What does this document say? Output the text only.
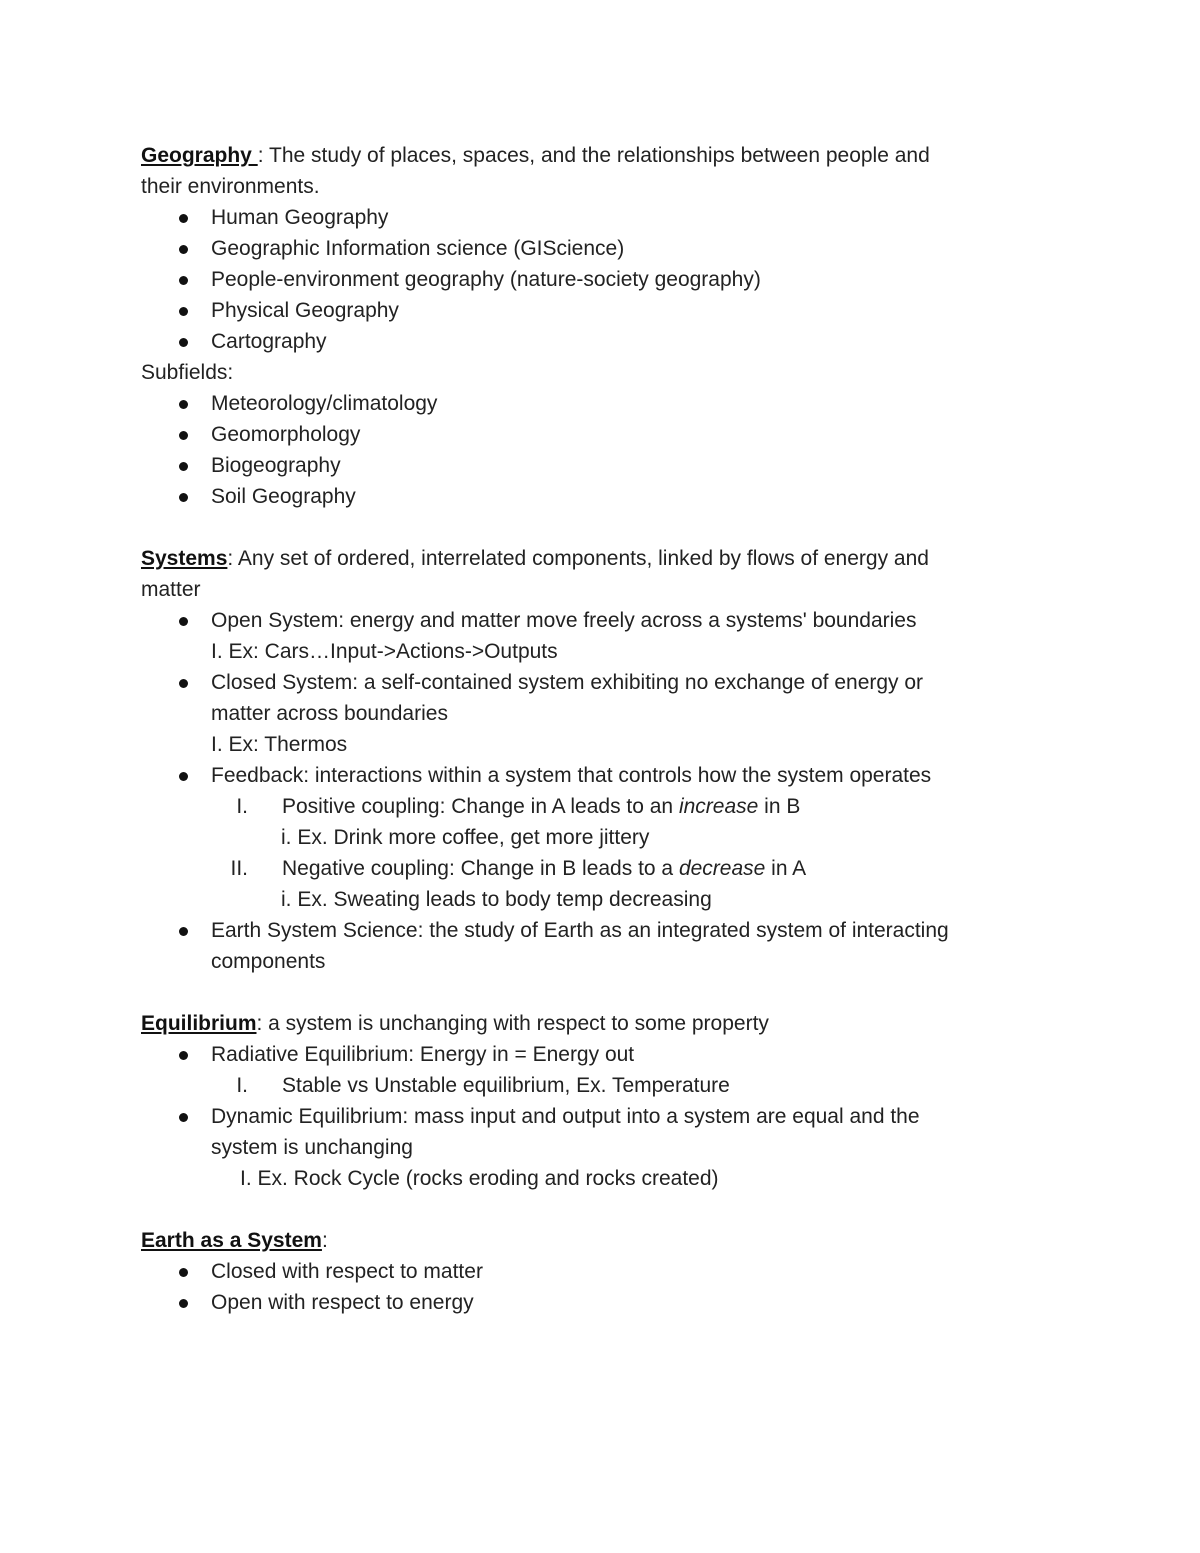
Geography : The study of places, spaces, and the relationships between people and
their environments.
Human Geography
Geographic Information science (GIScience)
People-environment geography (nature-society geography)
Physical Geography
Cartography
Subfields:
Meteorology/climatology
Geomorphology
Biogeography
Soil Geography
Systems: Any set of ordered, interrelated components, linked by flows of energy and
matter
Open System: energy and matter move freely across a systems' boundaries
I. Ex: Cars…Input->Actions->Outputs
Closed System: a self-contained system exhibiting no exchange of energy or
matter across boundaries
I. Ex: Thermos
Feedback: interactions within a system that controls how the system operates
I. Positive coupling: Change in A leads to an increase in B
i. Ex. Drink more coffee, get more jittery
II. Negative coupling: Change in B leads to a decrease in A
i. Ex. Sweating leads to body temp decreasing
Earth System Science: the study of Earth as an integrated system of interacting
components
Equilibrium: a system is unchanging with respect to some property
Radiative Equilibrium: Energy in = Energy out
I. Stable vs Unstable equilibrium, Ex. Temperature
Dynamic Equilibrium: mass input and output into a system are equal and the
system is unchanging
I. Ex. Rock Cycle (rocks eroding and rocks created)
Earth as a System:
Closed with respect to matter
Open with respect to energy
